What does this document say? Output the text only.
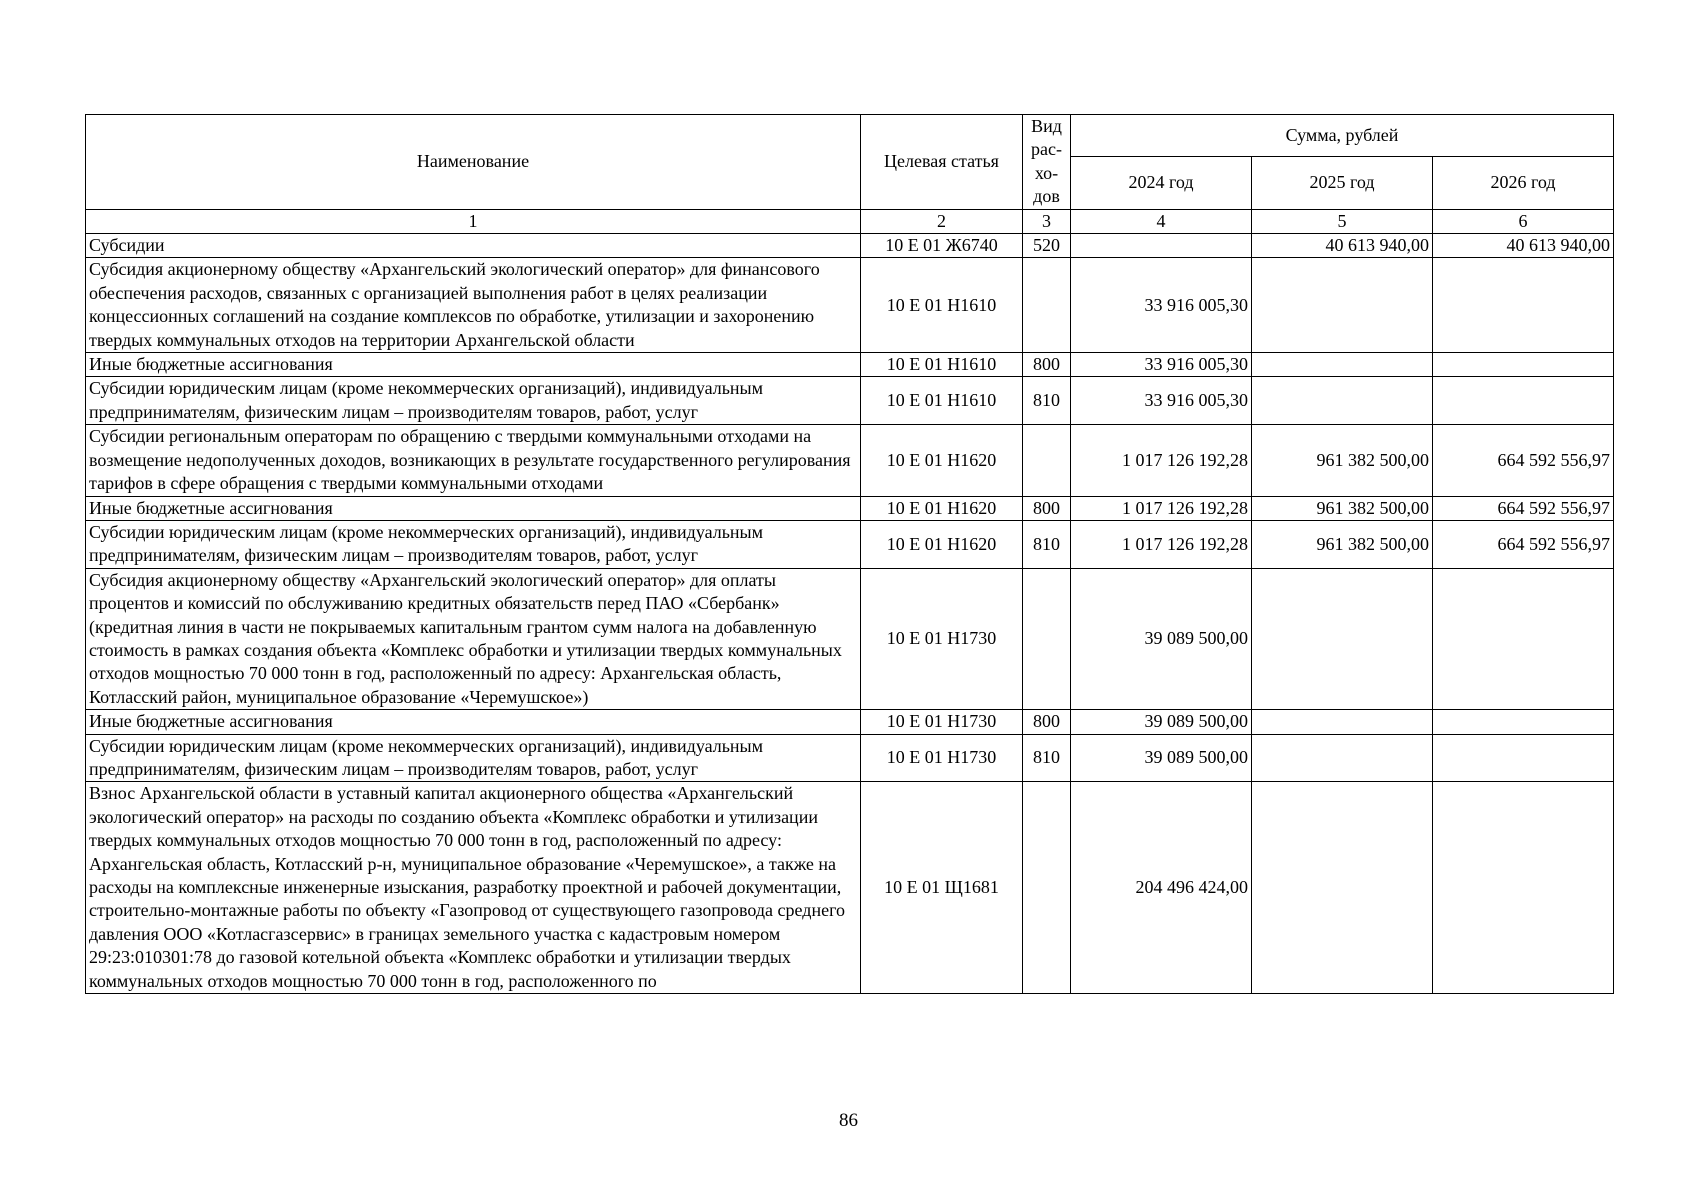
Наименование	Целевая статья	Вид рас-хо-дов	Сумма, рублей		
			2024 год	2025 год	2026 год
1	2	3	4	5	6
Субсидии	10 Е 01 Ж6740	520		40 613 940,00	40 613 940,00
Субсидия акционерному обществу «Архангельский экологический оператор» для финансового обеспечения расходов, связанных с организацией выполнения работ в целях реализации концессионных соглашений на создание комплексов по обработке, утилизации и захоронению твердых коммунальных отходов на территории Архангельской области	10 Е 01 Н1610		33 916 005,30		
Иные бюджетные ассигнования	10 Е 01 Н1610	800	33 916 005,30		
Субсидии юридическим лицам (кроме некоммерческих организаций), индивидуальным предпринимателям, физическим лицам – производителям товаров, работ, услуг	10 Е 01 Н1610	810	33 916 005,30		
Субсидии региональным операторам по обращению с твердыми коммунальными отходами на возмещение недополученных доходов, возникающих в результате государственного регулирования тарифов в сфере обращения с твердыми коммунальными отходами	10 Е 01 Н1620		1 017 126 192,28	961 382 500,00	664 592 556,97
Иные бюджетные ассигнования	10 Е 01 Н1620	800	1 017 126 192,28	961 382 500,00	664 592 556,97
Субсидии юридическим лицам (кроме некоммерческих организаций), индивидуальным предпринимателям, физическим лицам – производителям товаров, работ, услуг	10 Е 01 Н1620	810	1 017 126 192,28	961 382 500,00	664 592 556,97
Субсидия акционерному обществу «Архангельский экологический оператор» для оплаты процентов и комиссий по обслуживанию кредитных обязательств перед ПАО «Сбербанк» (кредитная линия в части не покрываемых капитальным грантом сумм налога на добавленную стоимость в рамках создания объекта «Комплекс обработки и утилизации твердых коммунальных отходов мощностью 70 000 тонн в год, расположенный по адресу: Архангельская область, Котласский район, муниципальное образование «Черемушское»)	10 Е 01 Н1730		39 089 500,00		
Иные бюджетные ассигнования	10 Е 01 Н1730	800	39 089 500,00		
Субсидии юридическим лицам (кроме некоммерческих организаций), индивидуальным предпринимателям, физическим лицам – производителям товаров, работ, услуг	10 Е 01 Н1730	810	39 089 500,00		
Взнос Архангельской области в уставный капитал акционерного общества «Архангельский экологический оператор» на расходы по созданию объекта «Комплекс обработки и утилизации твердых коммунальных отходов мощностью 70 000 тонн в год, расположенный по адресу: Архангельская область, Котласский р-н, муниципальное образование «Черемушское», а также на расходы на комплексные инженерные изыскания, разработку проектной и рабочей документации, строительно-монтажные работы по объекту «Газопровод от существующего газопровода среднего давления ООО «Котласгазсервис» в границах земельного участка с кадастровым номером 29:23:010301:78 до газовой котельной объекта «Комплекс обработки и утилизации твердых коммунальных отходов мощностью 70 000 тонн в год, расположенного по	10 Е 01 Щ1681		204 496 424,00		
86
